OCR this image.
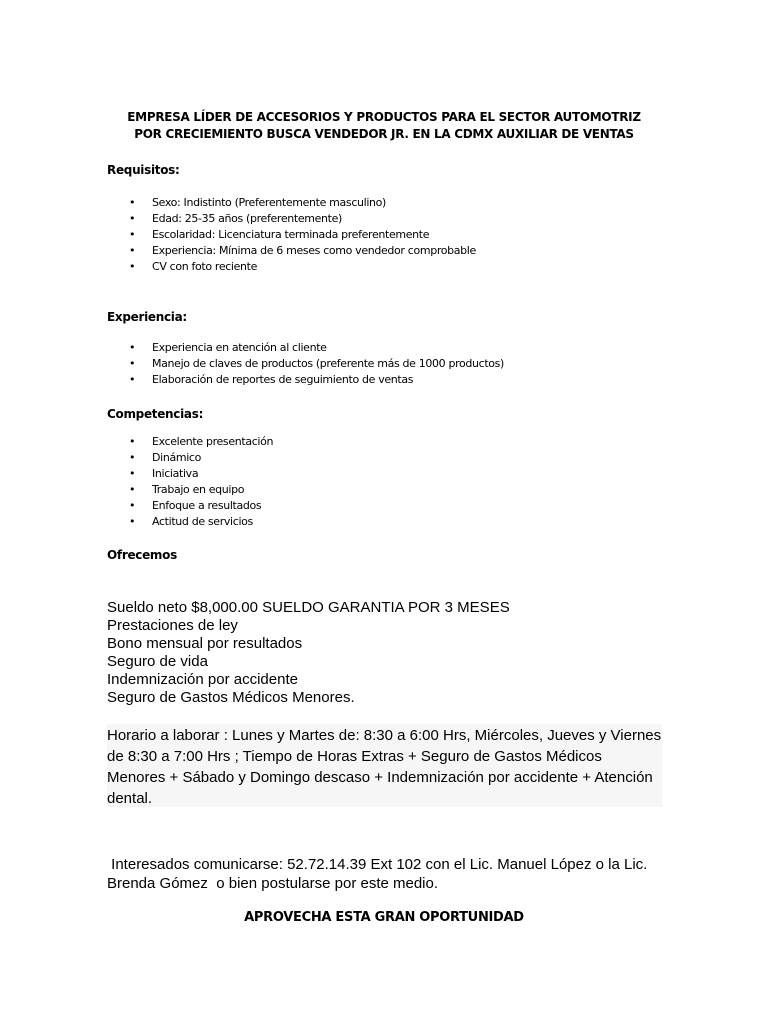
EMPRESA LÍDER DE ACCESORIOS Y PRODUCTOS PARA EL SECTOR AUTOMOTRIZ

POR CRECIEMIENTO BUSCA VENDEDOR JR. EN LA CDMX AUXILIAR DE VENTAS

Requisitos:

• Sexo: Indistinto (Preferentemente masculino)
• Edad: 25-35 años (preferentemente)
• Escolaridad: Licenciatura terminada preferentemente
• Experiencia: Mínima de 6 meses como vendedor comprobable
• CV con foto reciente

Experiencia:

• Experiencia en atención al cliente
• Manejo de claves de productos (preferente más de 1000 productos)
• Elaboración de reportes de seguimiento de ventas

Competencias:

• Excelente presentación
• Dinámico
• Iniciativa
• Trabajo en equipo
• Enfoque a resultados
• Actitud de servicios

Ofrecemos

Sueldo neto $8,000.00 SUELDO GARANTIA POR 3 MESES
Prestaciones de ley
Bono mensual por resultados
Seguro de vida
Indemnización por accidente
Seguro de Gastos Médicos Menores.
Horario a laborar : Lunes y Martes de: 8:30 a 6:00 Hrs, Miércoles, Jueves y Viernes de 8:30 a 7:00 Hrs ; Tiempo de Horas Extras + Seguro de Gastos Médicos Menores + Sábado y Domingo descaso + Indemnización por accidente + Atención dental.

Interesados comunicarse: 52.72.14.39 Ext 102 con el Lic. Manuel López o la Lic. Brenda Gómez  o bien postularse por este medio.

APROVECHA ESTA GRAN OPORTUNIDAD
